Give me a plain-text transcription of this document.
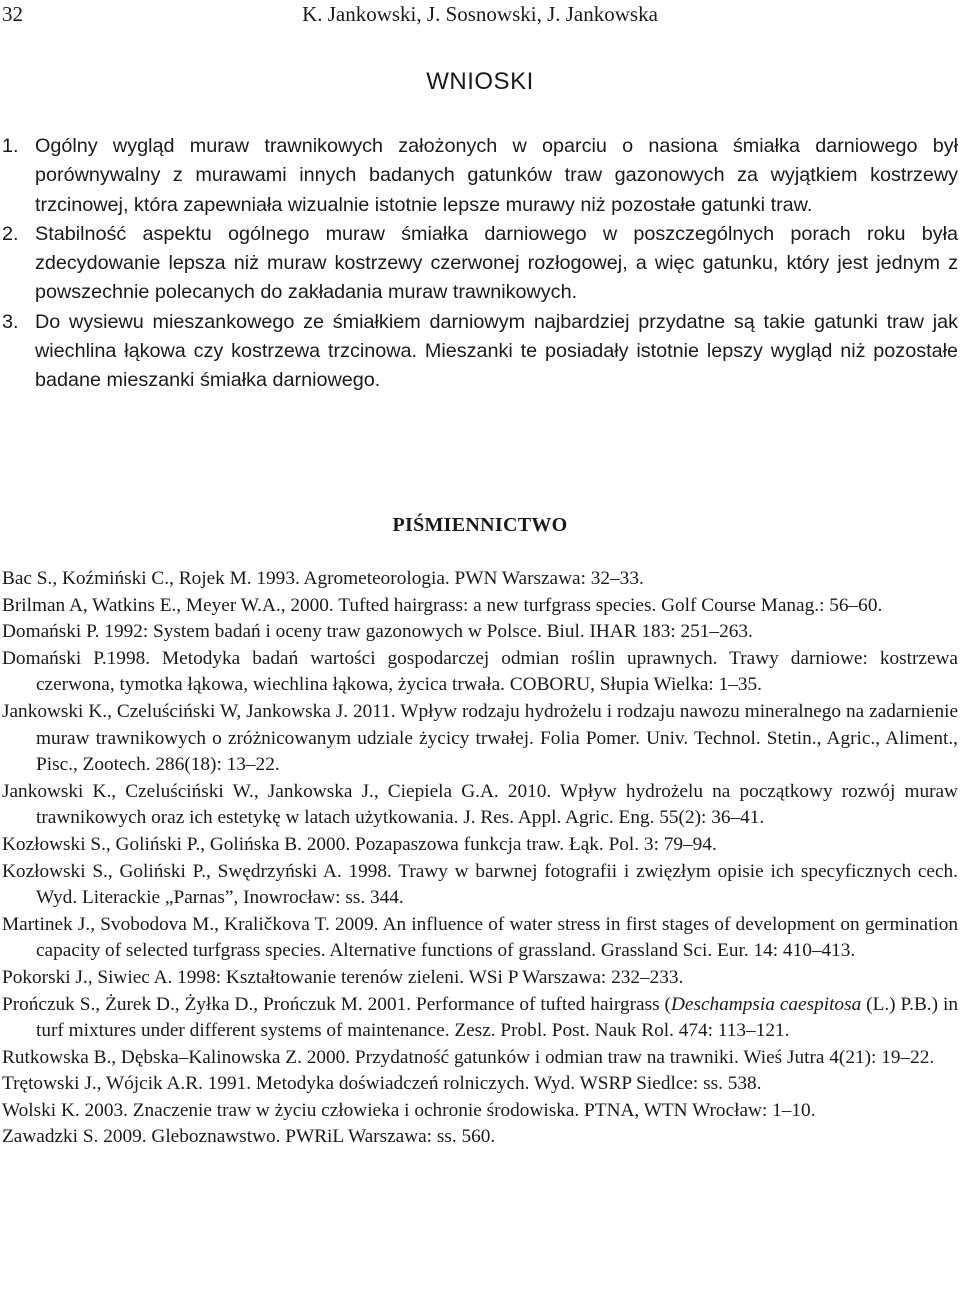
32	K. Jankowski, J. Sosnowski, J. Jankowska
WNIOSKI
1. Ogólny wygląd muraw trawnikowych założonych w oparciu o nasiona śmiałka darniowego był porównywalny z murawami innych badanych gatunków traw gazonowych za wyjątkiem kostrzewy trzcinowej, która zapewniała wizualnie istotnie lepsze murawy niż pozostałe gatunki traw.
2. Stabilność aspektu ogólnego muraw śmiałka darniowego w poszczególnych porach roku była zdecydowanie lepsza niż muraw kostrzewy czerwonej rozłogowej, a więc gatunku, który jest jednym z powszechnie polecanych do zakładania muraw trawnikowych.
3. Do wysiewu mieszankowego ze śmiałkiem darniowym najbardziej przydatne są takie gatunki traw jak wiechlina łąkowa czy kostrzewa trzcinowa. Mieszanki te posiadały istotnie lepszy wygląd niż pozostałe badane mieszanki śmiałka darniowego.
PIŚMIENNICTWO
Bac S., Koźmiński C., Rojek M. 1993. Agrometeorologia. PWN Warszawa: 32–33.
Brilman A, Watkins E., Meyer W.A., 2000. Tufted hairgrass: a new turfgrass species. Golf Course Manag.: 56–60.
Domański P. 1992: System badań i oceny traw gazonowych w Polsce. Biul. IHAR 183: 251–263.
Domański P.1998. Metodyka badań wartości gospodarczej odmian roślin uprawnych. Trawy darniowe: kostrzewa czerwona, tymotka łąkowa, wiechlina łąkowa, życica trwała. COBORU, Słupia Wielka: 1–35.
Jankowski K., Czeluściński W, Jankowska J. 2011. Wpływ rodzaju hydrożelu i rodzaju nawozu mineralnego na zadarnienie muraw trawnikowych o zróżnicowanym udziale życicy trwałej. Folia Pomer. Univ. Technol. Stetin., Agric., Aliment., Pisc., Zootech. 286(18): 13–22.
Jankowski K., Czeluściński W., Jankowska J., Ciepiela G.A. 2010. Wpływ hydrożelu na początkowy rozwój muraw trawnikowych oraz ich estetykę w latach użytkowania. J. Res. Appl. Agric. Eng. 55(2): 36–41.
Kozłowski S., Goliński P., Golińska B. 2000. Pozapaszowa funkcja traw. Łąk. Pol. 3: 79–94.
Kozłowski S., Goliński P., Swędrzyński A. 1998. Trawy w barwnej fotografii i zwięzłym opisie ich specyficznych cech. Wyd. Literackie „Parnas”, Inowrocław: ss. 344.
Martinek J., Svobodova M., Kraličkova T. 2009. An influence of water stress in first stages of development on germination capacity of selected turfgrass species. Alternative functions of grassland. Grassland Sci. Eur. 14: 410–413.
Pokorski J., Siwiec A. 1998: Kształtowanie terenów zieleni. WSi P Warszawa: 232–233.
Prończuk S., Żurek D., Żyłka D., Prończuk M. 2001. Performance of tufted hairgrass (Deschampsia caespitosa (L.) P.B.) in turf mixtures under different systems of maintenance. Zesz. Probl. Post. Nauk Rol. 474: 113–121.
Rutkowska B., Dębska–Kalinowska Z. 2000. Przydatność gatunków i odmian traw na trawniki. Wieś Jutra 4(21): 19–22.
Trętowski J., Wójcik A.R. 1991. Metodyka doświadczeń rolniczych. Wyd. WSRP Siedlce: ss. 538.
Wolski K. 2003. Znaczenie traw w życiu człowieka i ochronie środowiska. PTNA, WTN Wrocław: 1–10.
Zawadzki S. 2009. Gleboznawstwo. PWRiL Warszawa: ss. 560.
